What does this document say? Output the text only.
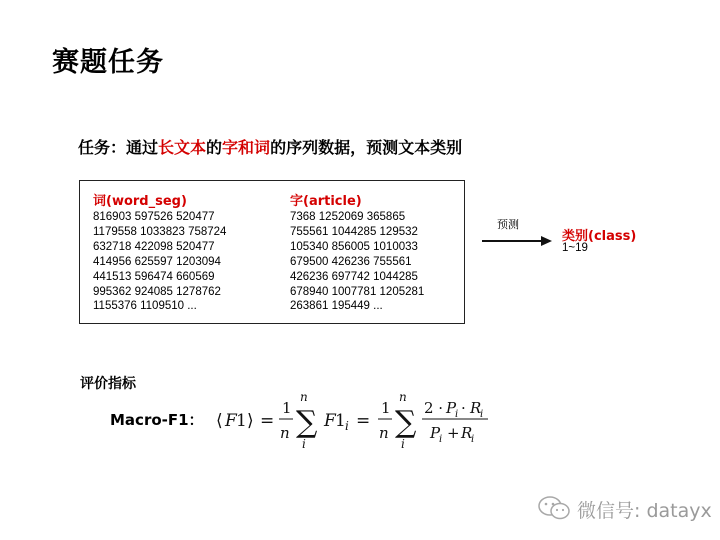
赛题任务
任务：通过长文本的字和词的序列数据，预测文本类别
词(word_seg)
816903 597526 520477
1179558 1033823 758724
632718 422098 520477
414956 625597 1203094
441513 596474 660569
995362 924085 1278762
1155376 1109510 ...
字(article)
7368 1252069 365865
755561 1044285 129532
105340 856005 1010033
679500 426236 755561
426236 697742 1044285
678940 1007781 1205281
263861 195449 ...
预测
类别(class)
1~19
评价指标
Macro-F1： ⟨ F 1 ⟩ =
1
n
n
∑
i
F 1 i =
1
n
n
∑
i
2 · P
i · R
i
P
i + R
i
微信号: datayx
